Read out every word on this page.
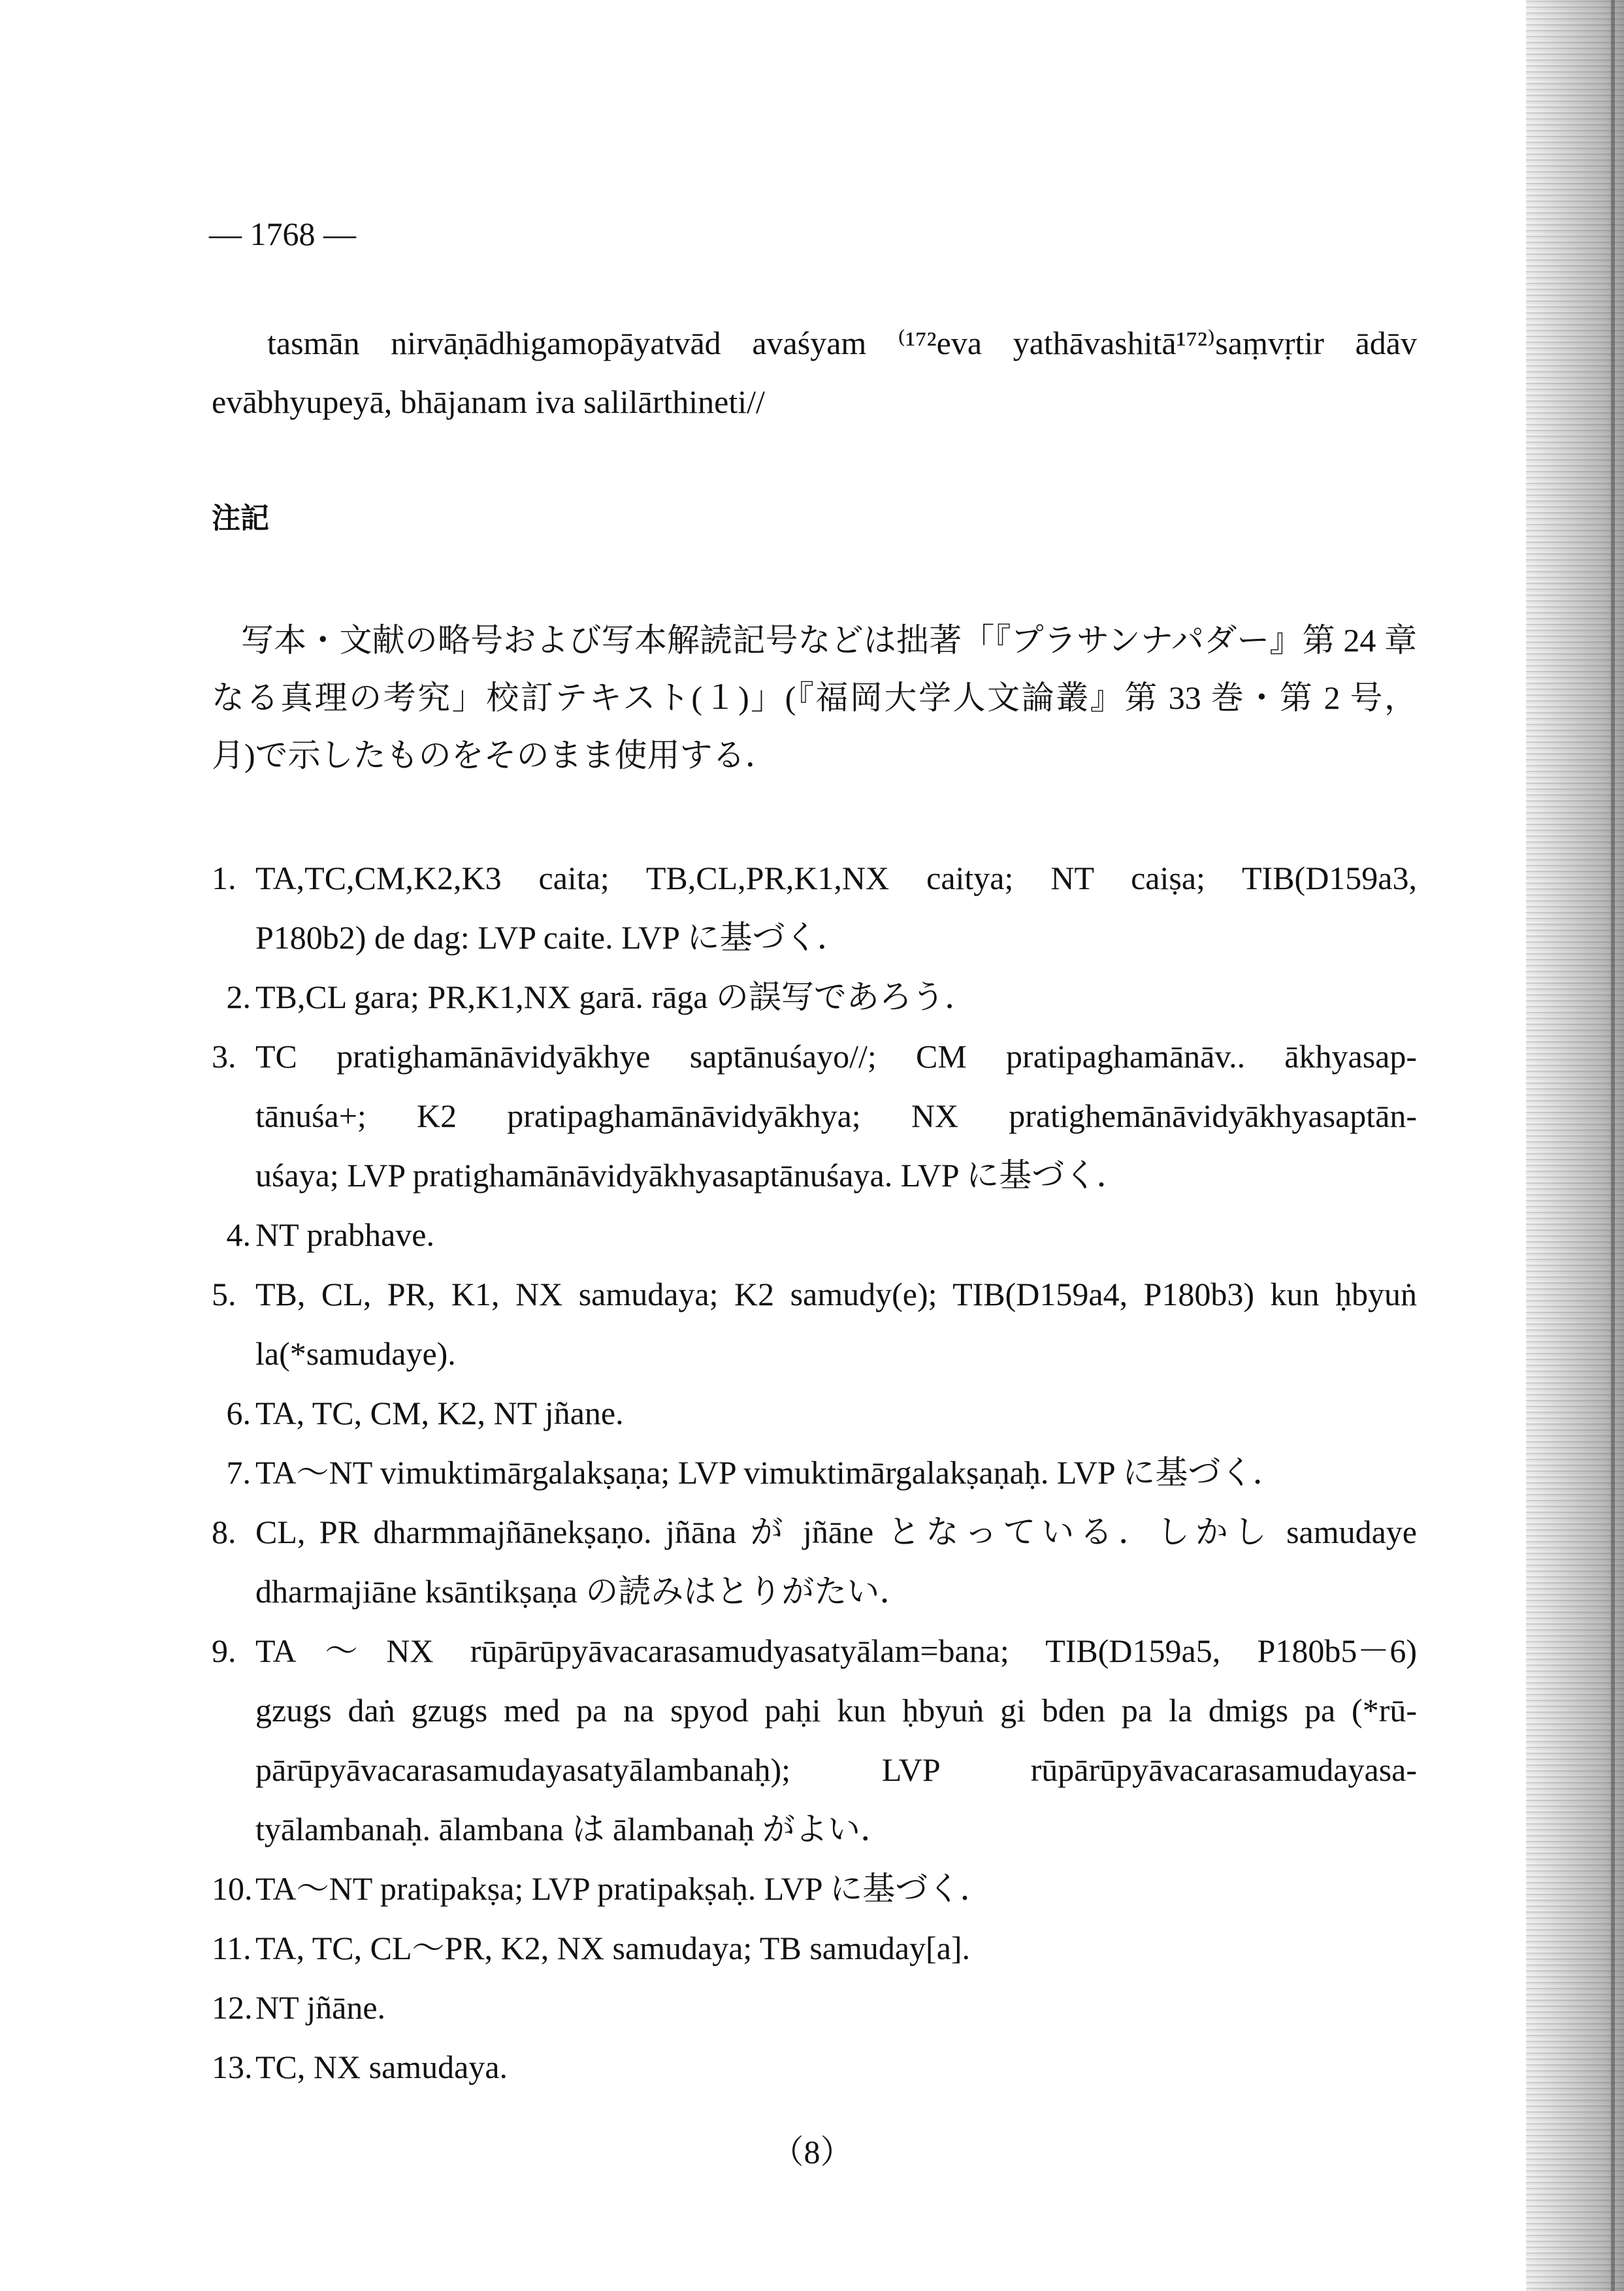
— 1768 —
tasmān nirvāṇādhigamopāyatvād avaśyam ⁽¹⁷²eva yathāvashitā¹⁷²⁾saṃvṛtir ādāv
evābhyupeyā, bhājanam iva salilārthineti//
注記
写本・文献の略号および写本解読記号などは拙著「『プラサンナパダー』第 24 章
なる真理の考究」校訂テキスト(１)」(『福岡大学人文論叢』第 33 巻・第 2 号，
月)で示したものをそのまま使用する．
1. TA,TC,CM,K2,K3 caita; TB,CL,PR,K1,NX caitya; NT caiṣa; TIB(D159a3,
P180b2) de dag: LVP caite. LVP に基づく．
2. TB,CL gara; PR,K1,NX garā. rāga の誤写であろう．
3. TC pratighamānāvidyākhye saptānuśayo//; CM pratipaghamānāv.. ākhyasap-
tānuśa+; K2 pratipaghamānāvidyākhya; NX pratighemānāvidyākhyasaptān-
uśaya; LVP pratighamānāvidyākhyasaptānuśaya. LVP に基づく．
4. NT prabhave.
5. TB, CL, PR, K1, NX samudaya; K2 samudy(e); TIB(D159a4, P180b3) kun ḥbyuṅ
la(*samudaye).
6. TA, TC, CM, K2, NT jñane.
7. TA～NT vimuktimārgalakṣaṇa; LVP vimuktimārgalakṣaṇaḥ. LVP に基づく．
8. CL, PR dharmmajñānekṣaṇo. jñāna が jñāne となっている．しかし samudaye
dharmajiāne ksāntikṣaṇa の読みはとりがたい．
9. TA～NX rūpārūpyāvacarasamudyasatyālam=bana; TIB(D159a5, P180b5－6)
gzugs daṅ gzugs med pa na spyod paḥi kun ḥbyuṅ gi bden pa la dmigs pa (*rū-
pārūpyāvacarasamudayasatyālambanaḥ); LVP rūpārūpyāvacarasamudayasa-
tyālambanaḥ. ālambana は ālambanaḥ がよい．
10. TA～NT pratipakṣa; LVP pratipakṣaḥ. LVP に基づく．
11. TA, TC, CL～PR, K2, NX samudaya; TB samuday[a].
12. NT jñāne.
13. TC, NX samudaya.
（8）
